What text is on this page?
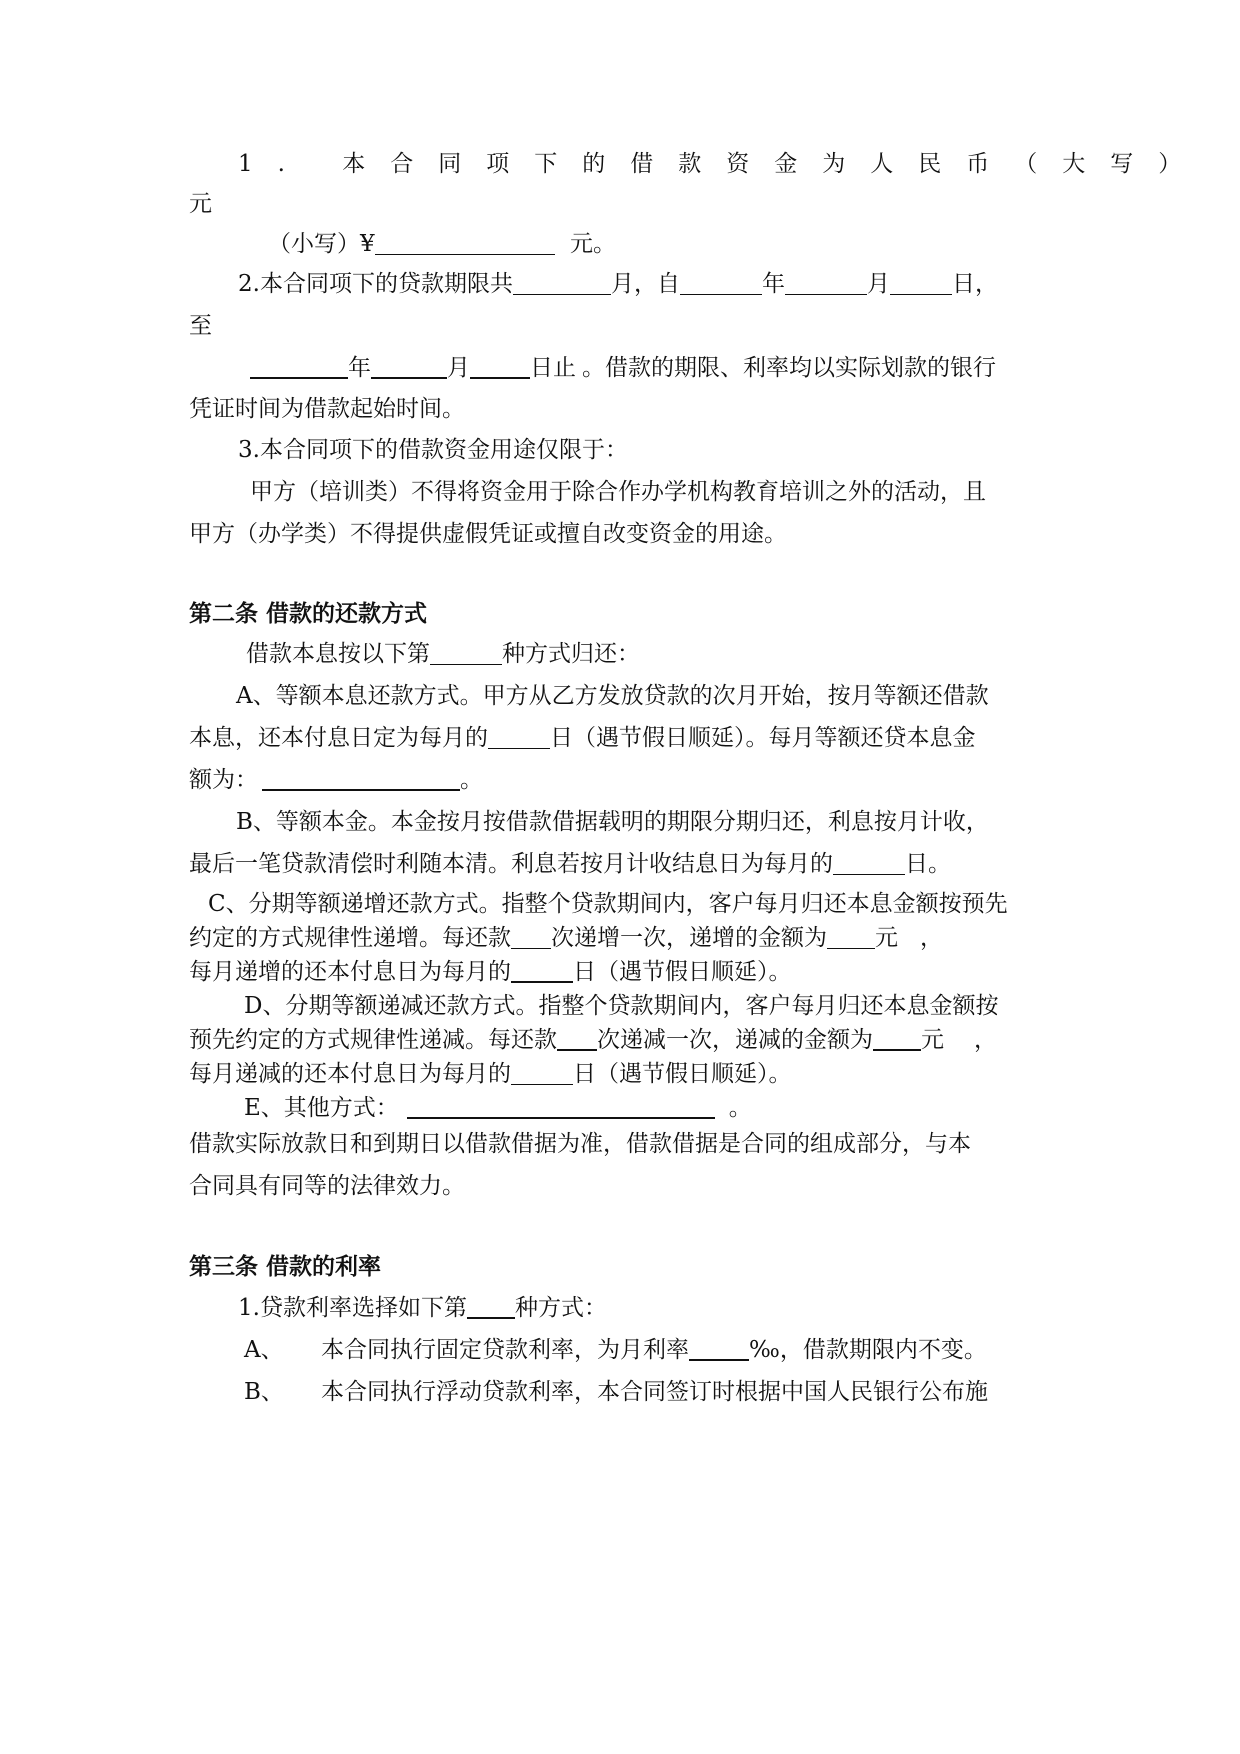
1. 本合同项下的借款资金为人民币（大写）
元
（小写）¥	元。
2.本合同项下的贷款期限共	月，自	年	月	日，
至
年	月	日止 。借款的期限、利率均以实际划款的银行
凭证时间为借款起始时间。
3.本合同项下的借款资金用途仅限于：
甲方（培训类）不得将资金用于除合作办学机构教育培训之外的活动，且
甲方（办学类）不得提供虚假凭证或擅自改变资金的用途。
第二条 借款的还款方式
借款本息按以下第	种方式归还：
A、等额本息还款方式。甲方从乙方发放贷款的次月开始，按月等额还借款
本息，还本付息日定为每月的	日（遇节假日顺延）。每月等额还贷本息金
额为：	。
B、等额本金。本金按月按借款借据载明的期限分期归还，利息按月计收，
最后一笔贷款清偿时利随本清。利息若按月计收结息日为每月的	日。
C、分期等额递增还款方式。指整个贷款期间内，客户每月归还本息金额按预先
约定的方式规律性递增。每还款 次递增一次，递增的金额为 元 ，
每月递增的还本付息日为每月的	日（遇节假日顺延）。
D、分期等额递减还款方式。指整个贷款期间内，客户每月归还本息金额按
预先约定的方式规律性递减。每还款 次递减一次，递减的金额为 元 ，
每月递减的还本付息日为每月的	日（遇节假日顺延）。
E、其他方式：	。
借款实际放款日和到期日以借款借据为准，借款借据是合同的组成部分，与本
合同具有同等的法律效力。
第三条 借款的利率
1.贷款利率选择如下第 种方式：
A、 本合同执行固定贷款利率，为月利率	‰，借款期限内不变。
B、 本合同执行浮动贷款利率，本合同签订时根据中国人民银行公布施
